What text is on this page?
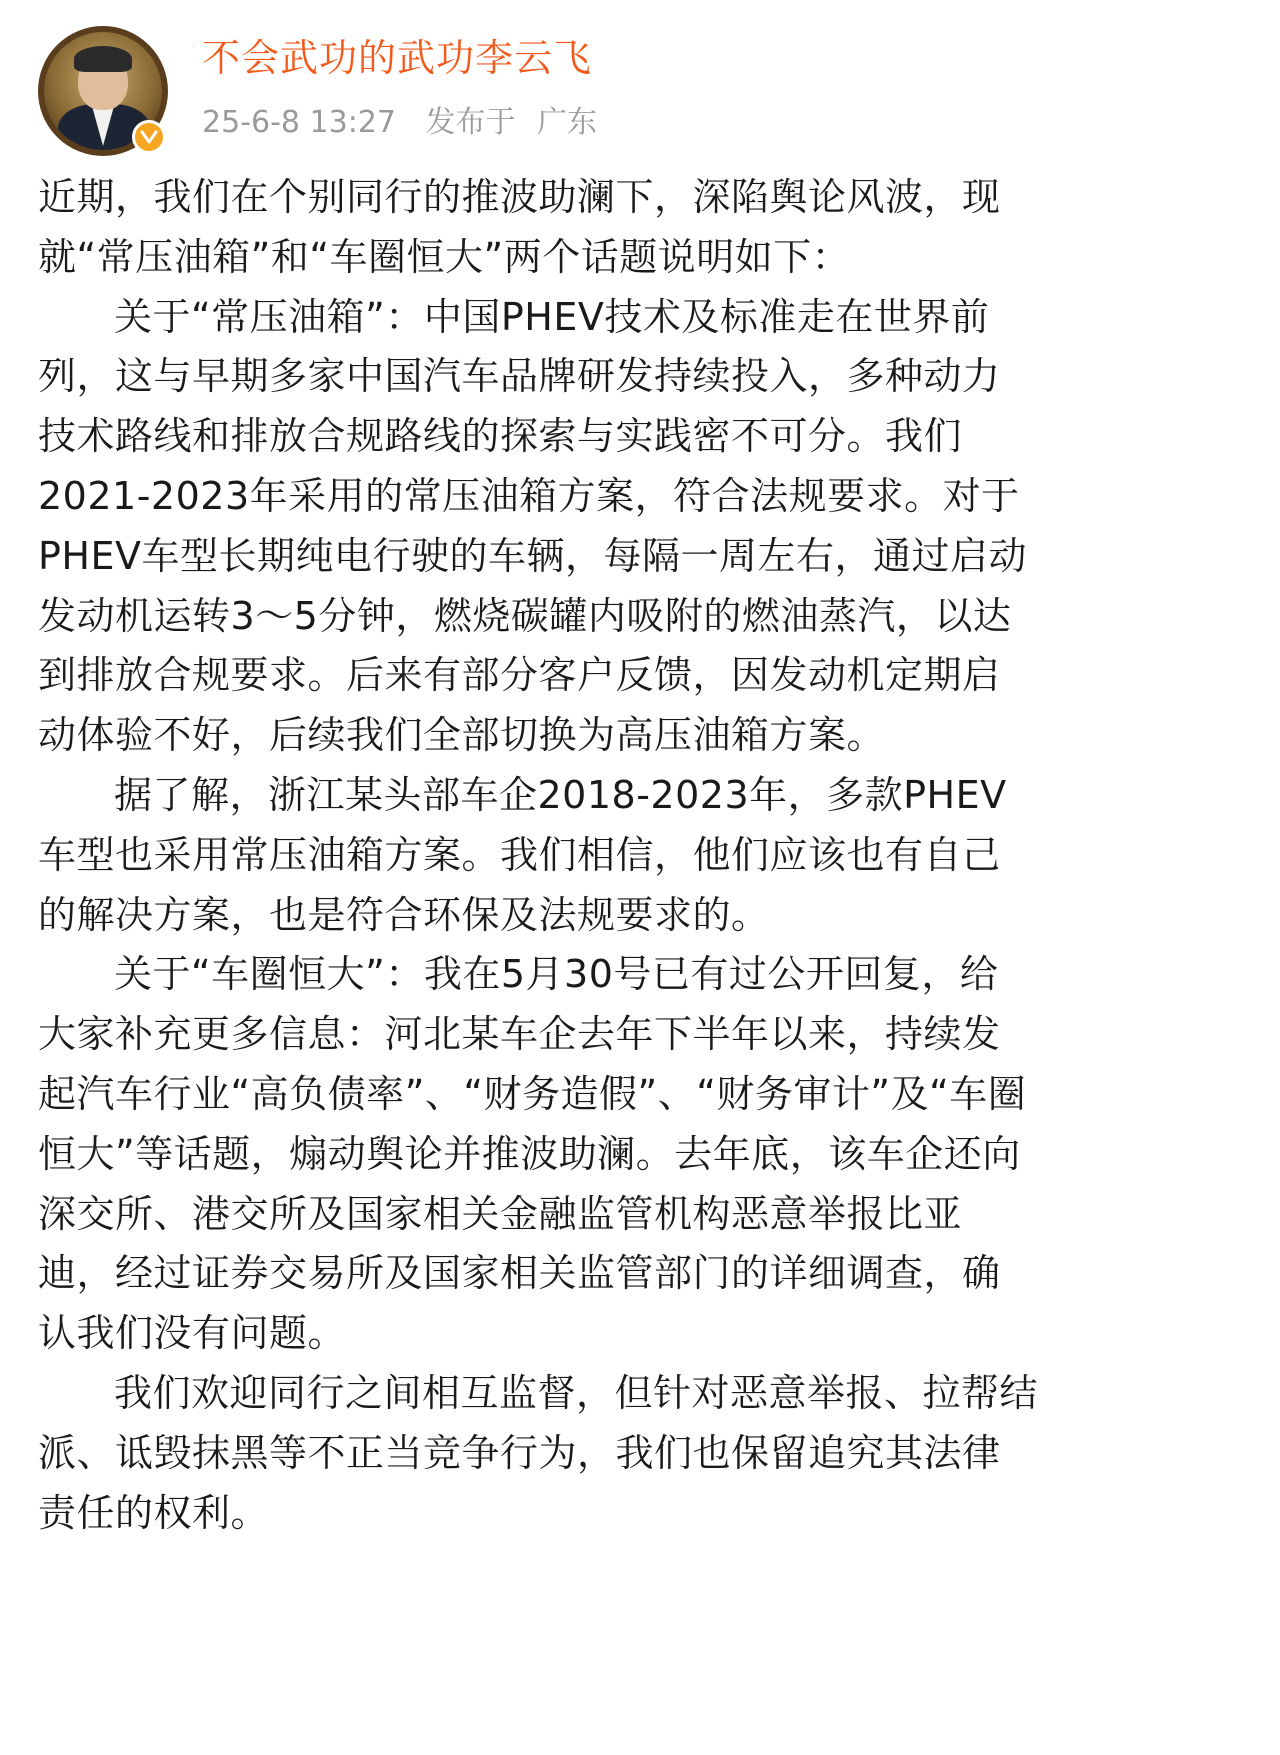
不会武功的武功李云飞
25-6-8 13:27 发布于 广东

近期，我们在个别同行的推波助澜下，深陷舆论风波，现
就“常压油箱”和“车圈恒大”两个话题说明如下：

关于“常压油箱”：中国PHEV技术及标准走在世界前
列，这与早期多家中国汽车品牌研发持续投入，多种动力
技术路线和排放合规路线的探索与实践密不可分。我们
2021-2023年采用的常压油箱方案，符合法规要求。对于
PHEV车型长期纯电行驶的车辆，每隔一周左右，通过启动
发动机运转3～5分钟，燃烧碳罐内吸附的燃油蒸汽，以达
到排放合规要求。后来有部分客户反馈，因发动机定期启
动体验不好，后续我们全部切换为高压油箱方案。

据了解，浙江某头部车企2018-2023年，多款PHEV
车型也采用常压油箱方案。我们相信，他们应该也有自己
的解决方案，也是符合环保及法规要求的。

关于“车圈恒大”：我在5月30号已有过公开回复，给
大家补充更多信息：河北某车企去年下半年以来，持续发
起汽车行业“高负债率”、“财务造假”、“财务审计”及“车圈
恒大”等话题，煽动舆论并推波助澜。去年底，该车企还向
深交所、港交所及国家相关金融监管机构恶意举报比亚
迪，经过证券交易所及国家相关监管部门的详细调查，确
认我们没有问题。

我们欢迎同行之间相互监督，但针对恶意举报、拉帮结
派、诋毁抹黑等不正当竞争行为，我们也保留追究其法律
责任的权利。
